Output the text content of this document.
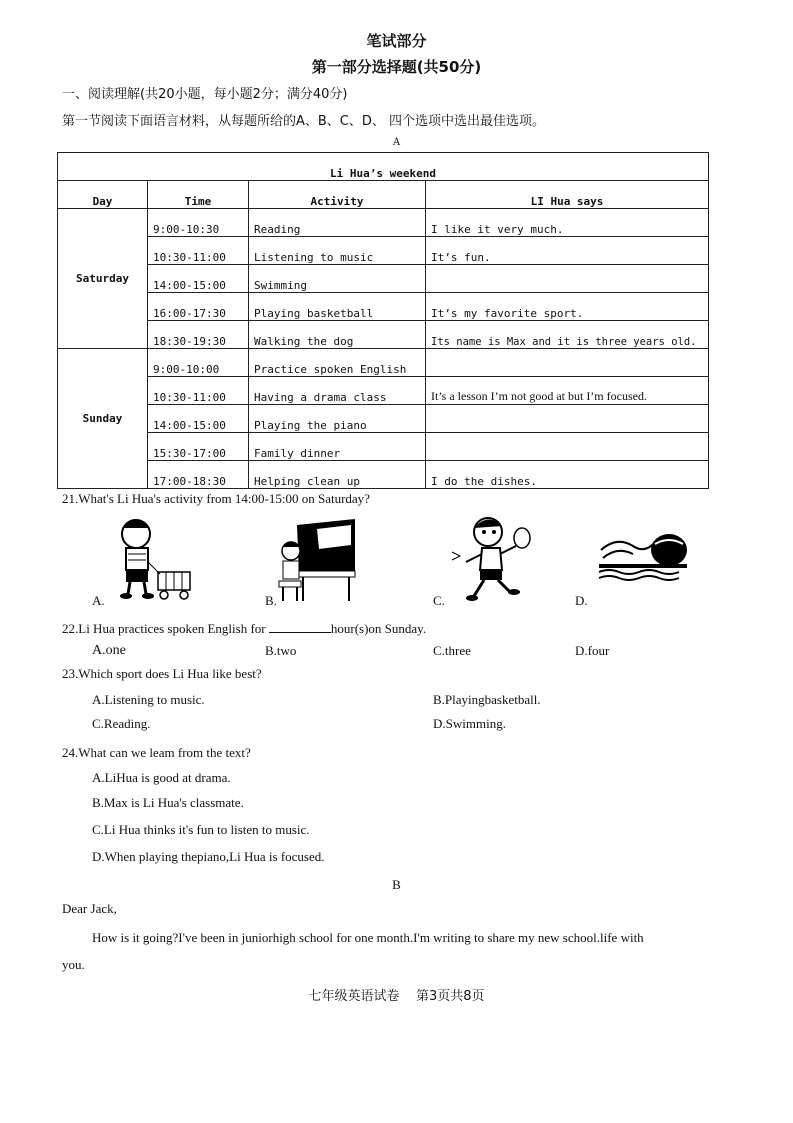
笔试部分
第一部分选择题(共50分)
一、阅读理解(共20小题，每小题2分；满分40分)
第一节阅读下面语言材料，从每题所给的A、B、C、D、 四个选项中选出最佳选项。
A
Li Hua’s weekend			
Day	Time	Activity	LI Hua says
Saturday	9:00-10:30	Reading	I like it very much.
	10:30-11:00	Listening to music	It’s fun.
	14:00-15:00	Swimming	
	16:00-17:30	Playing basketball	It’s my favorite sport.
	18:30-19:30	Walking the dog	Its name is Max and it is three years old.
Sunday	9:00-10:00	Practice spoken English	
	10:30-11:00	Having a drama class	It’s a lesson I’m not good at but I’m focused.
	14:00-15:00	Playing the piano	
	15:30-17:00	Family dinner	
	17:00-18:30	Helping clean up	I do the dishes.
21.What's Li Hua's activity from 14:00-15:00 on Saturday?
A.	B.	C.	D.
22.Li Hua practices spoken English for	hour(s)on Sunday.
A.one	B.two	C.three	D.four
23.Which sport does Li Hua like best?
A.Listening to music.	B.Playingbasketball.
C.Reading.	D.Swimming.
24.What can we leam from the text?
A.LiHua is good at drama.
B.Max is Li Hua's classmate.
C.Li Hua thinks it's fun to listen to music.
D.When playing thepiano,Li Hua is focused.
B
Dear Jack,
How is it going?I've been in juniorhigh school for one month.I'm writing to share my new school.life with
you.
七年级英语试卷    第3页共8页
